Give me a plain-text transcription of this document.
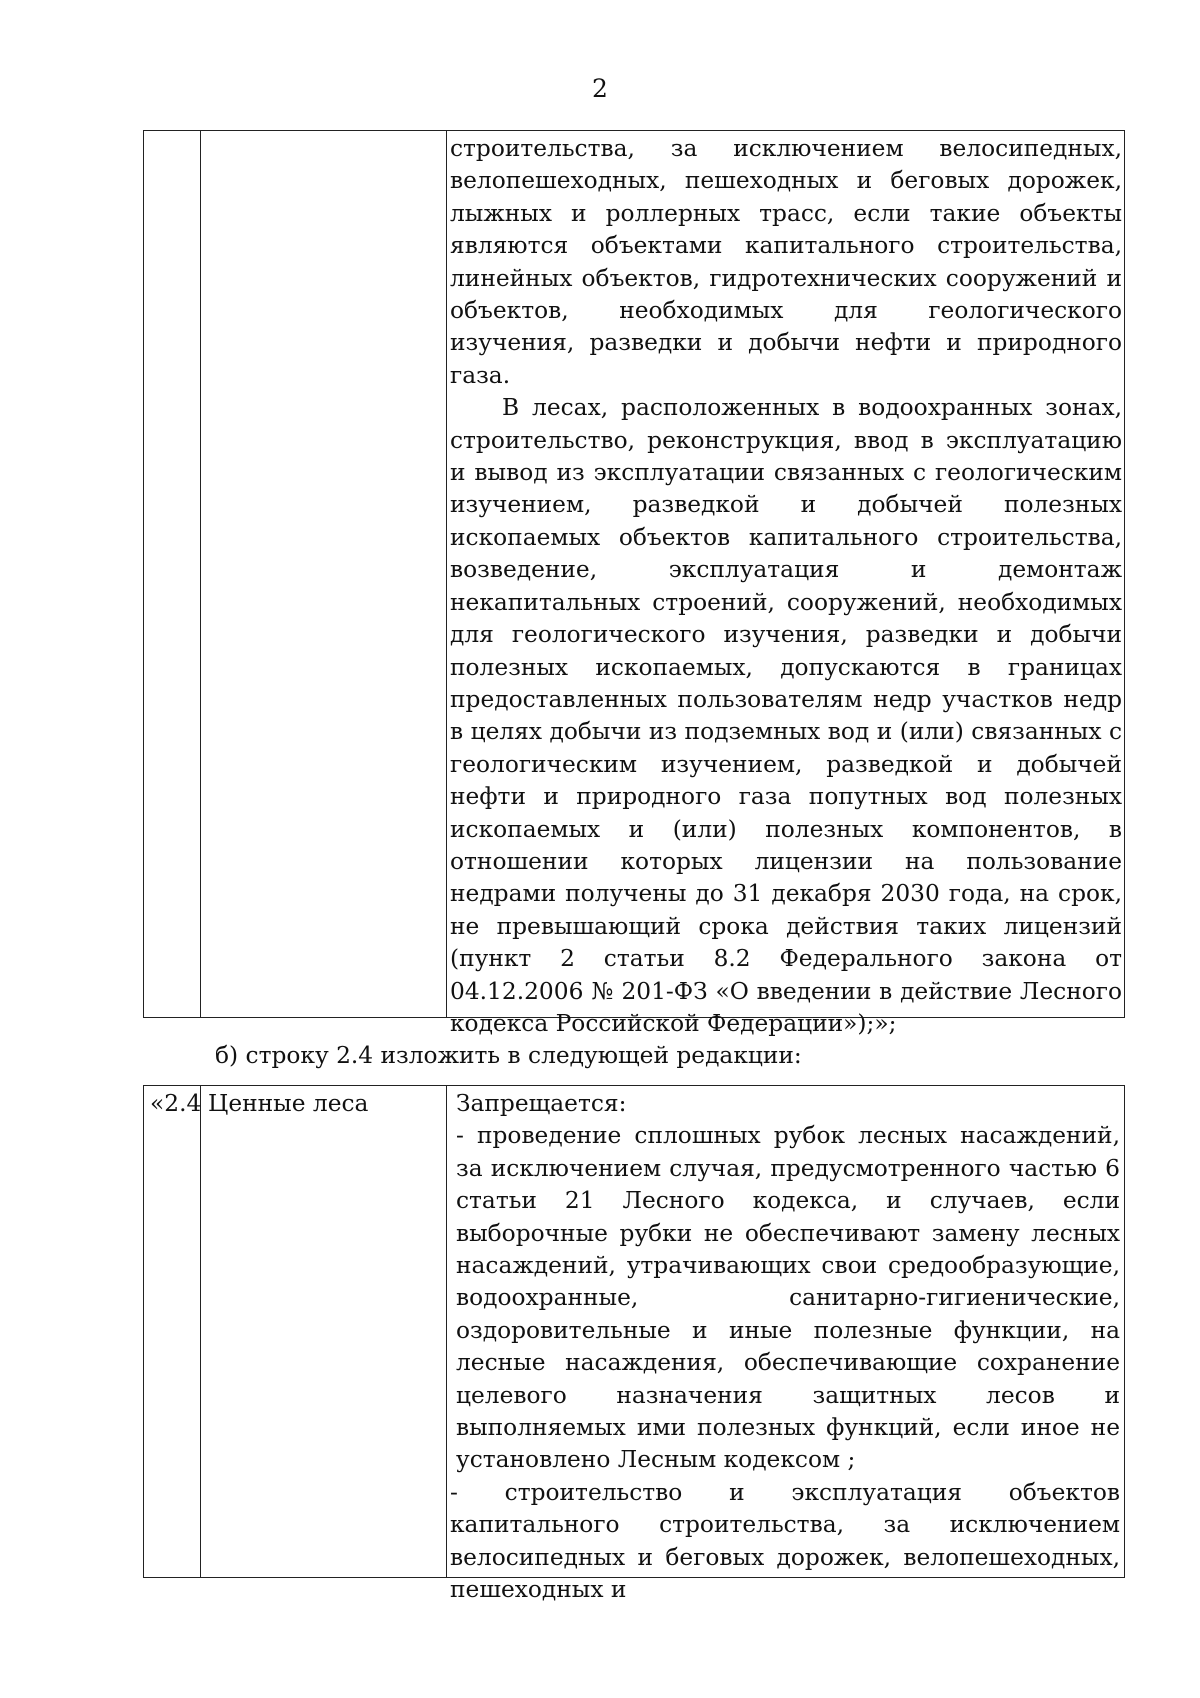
2

строительства, за исключением велосипедных, велопешеходных, пешеходных и беговых дорожек, лыжных и роллерных трасс, если такие объекты являются объектами капитального строительства, линейных объектов, гидротехнических сооружений и объектов, необходимых для геологического изучения, разведки и добычи нефти и природного газа.

В лесах, расположенных в водоохранных зонах, строительство, реконструкция, ввод в эксплуатацию и вывод из эксплуатации связанных с геологическим изучением, разведкой и добычей полезных ископаемых объектов капитального строительства, возведение, эксплуатация и демонтаж некапитальных строений, сооружений, необходимых для геологического изучения, разведки и добычи полезных ископаемых, допускаются в границах предоставленных пользователям недр участков недр в целях добычи из подземных вод и (или) связанных с геологическим изучением, разведкой и добычей нефти и природного газа попутных вод полезных ископаемых и (или) полезных компонентов, в отношении которых лицензии на пользование недрами получены до 31 декабря 2030 года, на срок, не превышающий срока действия таких лицензий (пункт 2 статьи 8.2 Федерального закона от 04.12.2006 № 201-ФЗ «О введении в действие Лесного кодекса Российской Федерации»);»;

б) строку 2.4 изложить в следующей редакции:
«2.4 Ценные леса	Запрещается:

- проведение сплошных рубок лесных насаждений, за исключением случая, предусмотренного частью 6 статьи 21 Лесного кодекса, и случаев, если выборочные рубки не обеспечивают замену лесных насаждений, утрачивающих свои средообразующие, водоохранные, санитарно-гигиенические, оздоровительные и иные полезные функции, на лесные насаждения, обеспечивающие сохранение целевого назначения защитных лесов и выполняемых ими полезных функций, если иное не установлено Лесным кодексом ;

- строительство и эксплуатация объектов капитального строительства, за исключением велосипедных и беговых дорожек, велопешеходных, пешеходных и
